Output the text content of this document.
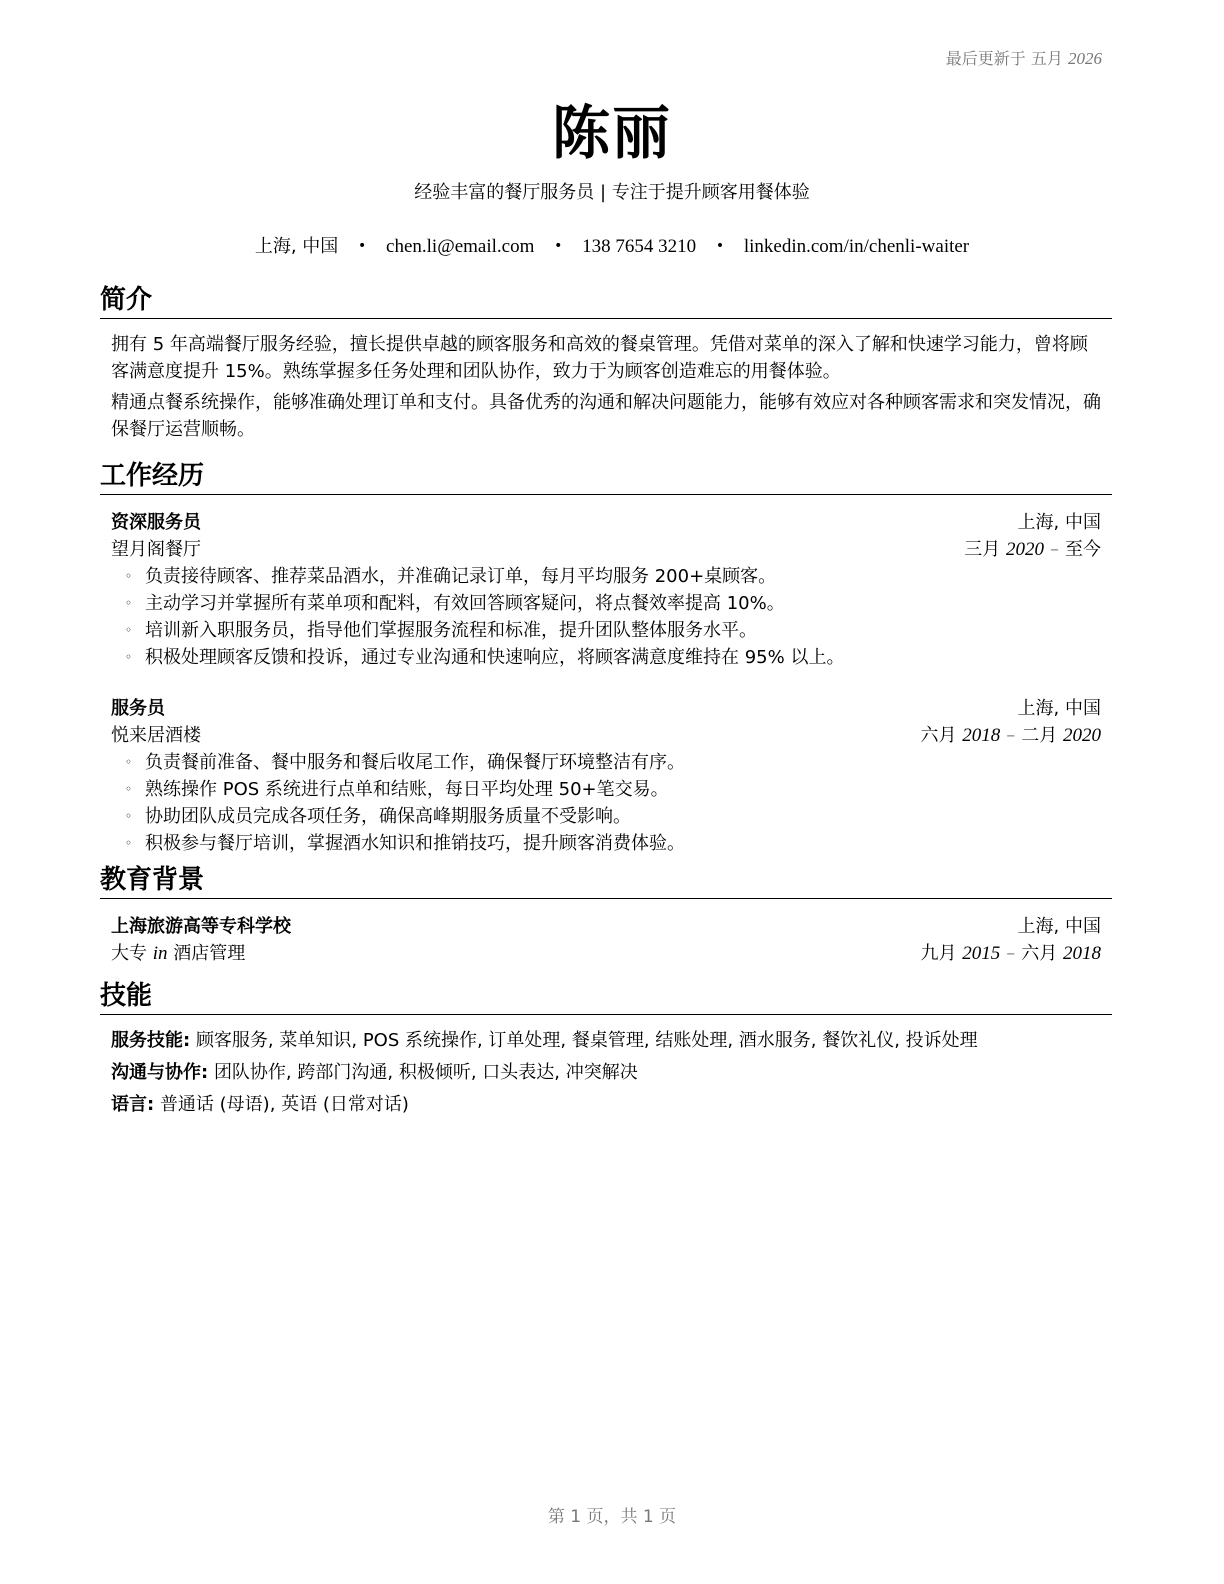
最后更新于 五月 2026
陈丽
经验丰富的餐厅服务员 | 专注于提升顾客用餐体验
上海, 中国 • chen.li@email.com • 138 7654 3210 • linkedin.com/in/chenli-waiter
简介
拥有 5 年高端餐厅服务经验，擅长提供卓越的顾客服务和高效的餐桌管理。凭借对菜单的深入了解和快速学习能力，曾将顾客满意度提升 15%。熟练掌握多任务处理和团队协作，致力于为顾客创造难忘的用餐体验。
精通点餐系统操作，能够准确处理订单和支付。具备优秀的沟通和解决问题能力，能够有效应对各种顾客需求和突发情况，确保餐厅运营顺畅。
工作经历
资深服务员	上海, 中国
望月阁餐厅	三月 2020 – 至今
◦ 负责接待顾客、推荐菜品酒水，并准确记录订单，每月平均服务 200+桌顾客。
◦ 主动学习并掌握所有菜单项和配料，有效回答顾客疑问，将点餐效率提高 10%。
◦ 培训新入职服务员，指导他们掌握服务流程和标准，提升团队整体服务水平。
◦ 积极处理顾客反馈和投诉，通过专业沟通和快速响应，将顾客满意度维持在 95% 以上。
服务员	上海, 中国
悦来居酒楼	六月 2018 – 二月 2020
◦ 负责餐前准备、餐中服务和餐后收尾工作，确保餐厅环境整洁有序。
◦ 熟练操作 POS 系统进行点单和结账，每日平均处理 50+笔交易。
◦ 协助团队成员完成各项任务，确保高峰期服务质量不受影响。
◦ 积极参与餐厅培训，掌握酒水知识和推销技巧，提升顾客消费体验。
教育背景
上海旅游高等专科学校	上海, 中国
大专 in 酒店管理	九月 2015 – 六月 2018
技能
服务技能: 顾客服务, 菜单知识, POS 系统操作, 订单处理, 餐桌管理, 结账处理, 酒水服务, 餐饮礼仪, 投诉处理
沟通与协作: 团队协作, 跨部门沟通, 积极倾听, 口头表达, 冲突解决
语言: 普通话 (母语), 英语 (日常对话)
第 1 页，共 1 页
